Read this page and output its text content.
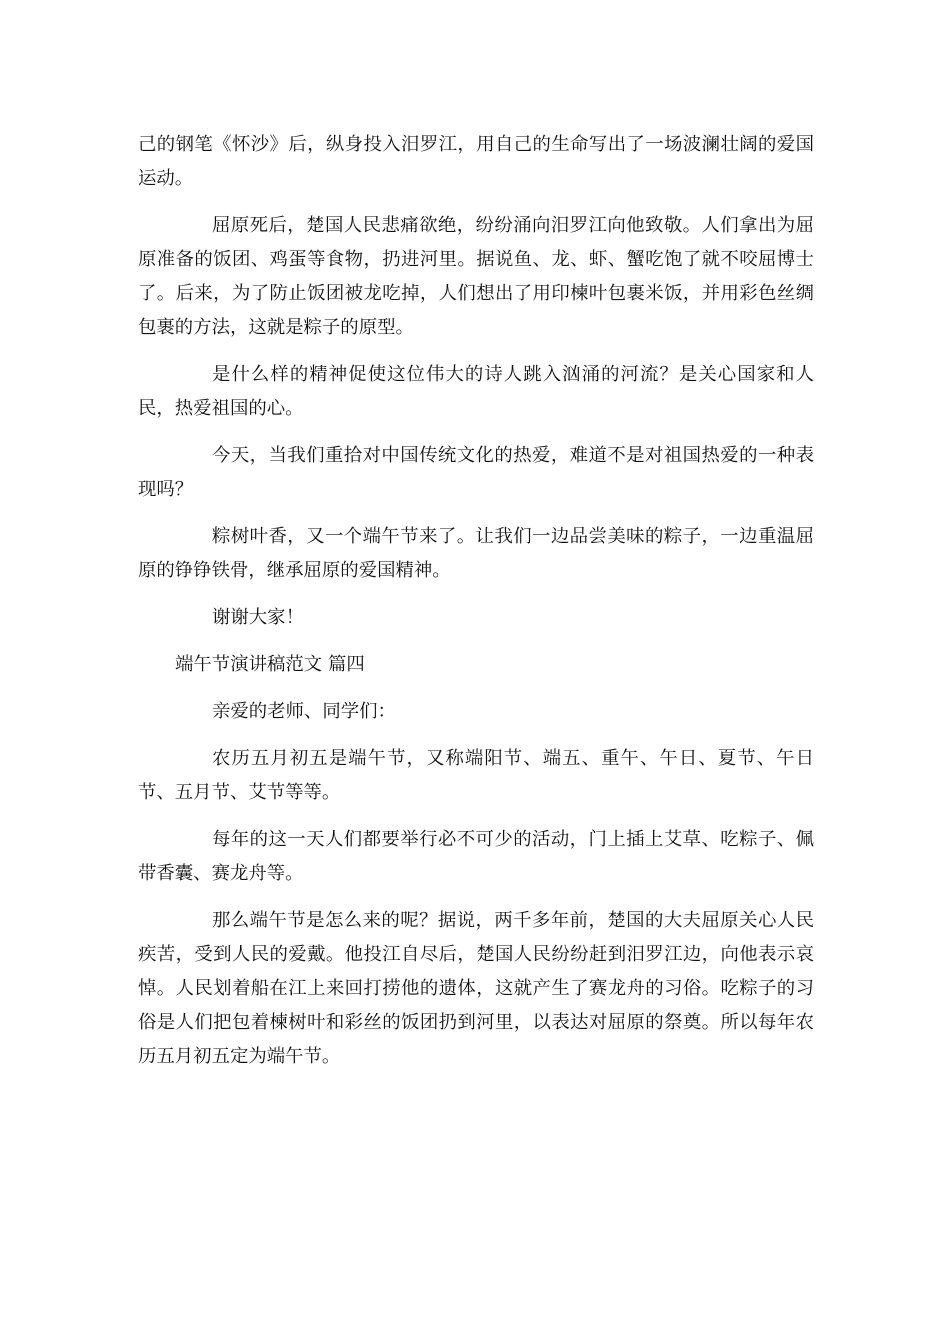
己的钢笔《怀沙》后，纵身投入汨罗江，用自己的生命写出了一场波澜壮阔的爱国运动。

屈原死后，楚国人民悲痛欲绝，纷纷涌向汨罗江向他致敬。人们拿出为屈原准备的饭团、鸡蛋等食物，扔进河里。据说鱼、龙、虾、蟹吃饱了就不咬屈博士了。后来，为了防止饭团被龙吃掉，人们想出了用印楝叶包裹米饭，并用彩色丝绸包裹的方法，这就是粽子的原型。

是什么样的精神促使这位伟大的诗人跳入汹涌的河流？是关心国家和人民，热爱祖国的心。

今天，当我们重拾对中国传统文化的热爱，难道不是对祖国热爱的一种表现吗？

粽树叶香，又一个端午节来了。让我们一边品尝美味的粽子，一边重温屈原的铮铮铁骨，继承屈原的爱国精神。

谢谢大家！

端午节演讲稿范文 篇四

亲爱的老师、同学们：

农历五月初五是端午节，又称端阳节、端五、重午、午日、夏节、午日节、五月节、艾节等等。

每年的这一天人们都要举行必不可少的活动，门上插上艾草、吃粽子、佩带香囊、赛龙舟等。

那么端午节是怎么来的呢？据说，两千多年前，楚国的大夫屈原关心人民疾苦，受到人民的爱戴。他投江自尽后，楚国人民纷纷赶到汨罗江边，向他表示哀悼。人民划着船在江上来回打捞他的遗体，这就产生了赛龙舟的习俗。吃粽子的习俗是人们把包着楝树叶和彩丝的饭团扔到河里，以表达对屈原的祭奠。所以每年农历五月初五定为端午节。
